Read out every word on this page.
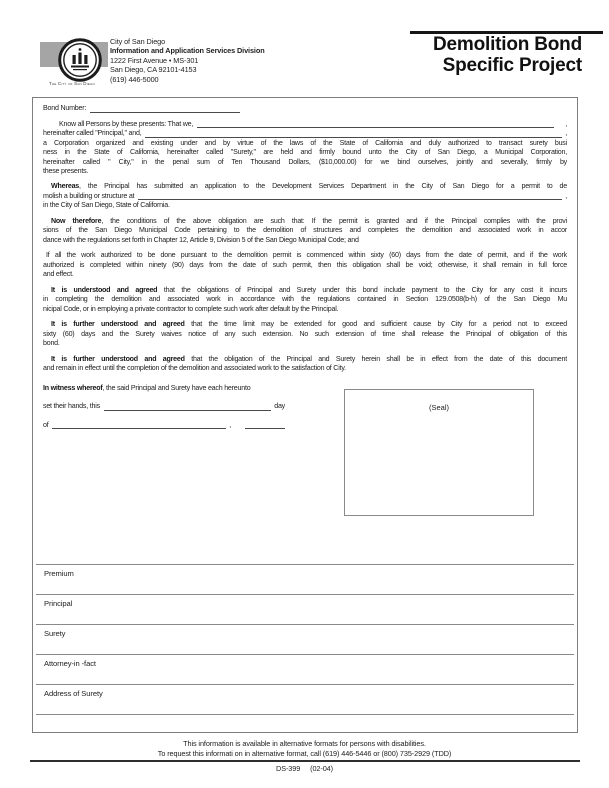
The City of San Diego
City of San Diego
Information and Application Services Division
1222 First Avenue • MS-301
San Diego, CA 92101-4153
(619) 446-5000
Demolition Bond
Specific Project
Bond Number:
Know all Persons by these presents: That we,	,
hereinafter called "Principal," and,	,
a Corporation organized and existing under and by virtue of the laws of the State of California and duly authorized to transact surety busi
ness in the State of California, hereinafter called "Surety," are held and firmly bound unto the City of San Diego, a Municipal Corporation,
hereinafter called " City," in the penal sum of Ten Thousand Dollars, ($10,000.00) for we bind ourselves, jointly and severally, firmly by
these presents.
Whereas, the Principal has submitted an application to the Development Services Department in the City of San Diego for a permit to de
molish a building or structure at	,
in the City of San Diego, State of California.
Now therefore, the conditions of the above obligation are such that: If the permit is granted and if the Principal complies with the provi
sions of the San Diego Municipal Code pertaining to the demolition of structures and completes the demolition and associated work in accor
dance with the regulations set forth in Chapter 12, Article 9, Division 5 of the San Diego Municipal Code; and
If all the work authorized to be done pursuant to the demolition permit is commenced within sixty (60) days from the date of permit, and if the work
authorized is completed within ninety (90) days from the date of such permit, then this obligation shall be void; otherwise, it shall remain in full force
and effect.
It is understood and agreed that the obligations of Principal and Surety under this bond include payment to the City for any cost it incurs
in completing the demolition and associated work in accordance with the regulations contained in Section 129.0508(b-h) of the San Diego Mu
nicipal Code, or in employing a private contractor to complete such work after default by the Principal.
It is further understood and agreed that the time limit may be extended for good and sufficient cause by City for a period not to exceed
sixty (60) days and the Surety waives notice of any such extension. No such extension of time shall release the Principal of obligation of this
bond.
It is further understood and agreed that the obligation of the Principal and Surety herein shall be in effect from the date of this document
and remain in effect until the completion of the demolition and associated work to the satisfaction of City.
In witness whereof, the said Principal and Surety have each hereunto
set their hands, this	day
of	,
(Seal)
Premium
Principal
Surety
Attorney-in -fact
Address of Surety
This information is available in alternative formats for persons with disabilities.
To request this informati on in alternative format, call (619) 446-5446 or (800) 735-2929 (TDD)
DS-399 (02-04)
